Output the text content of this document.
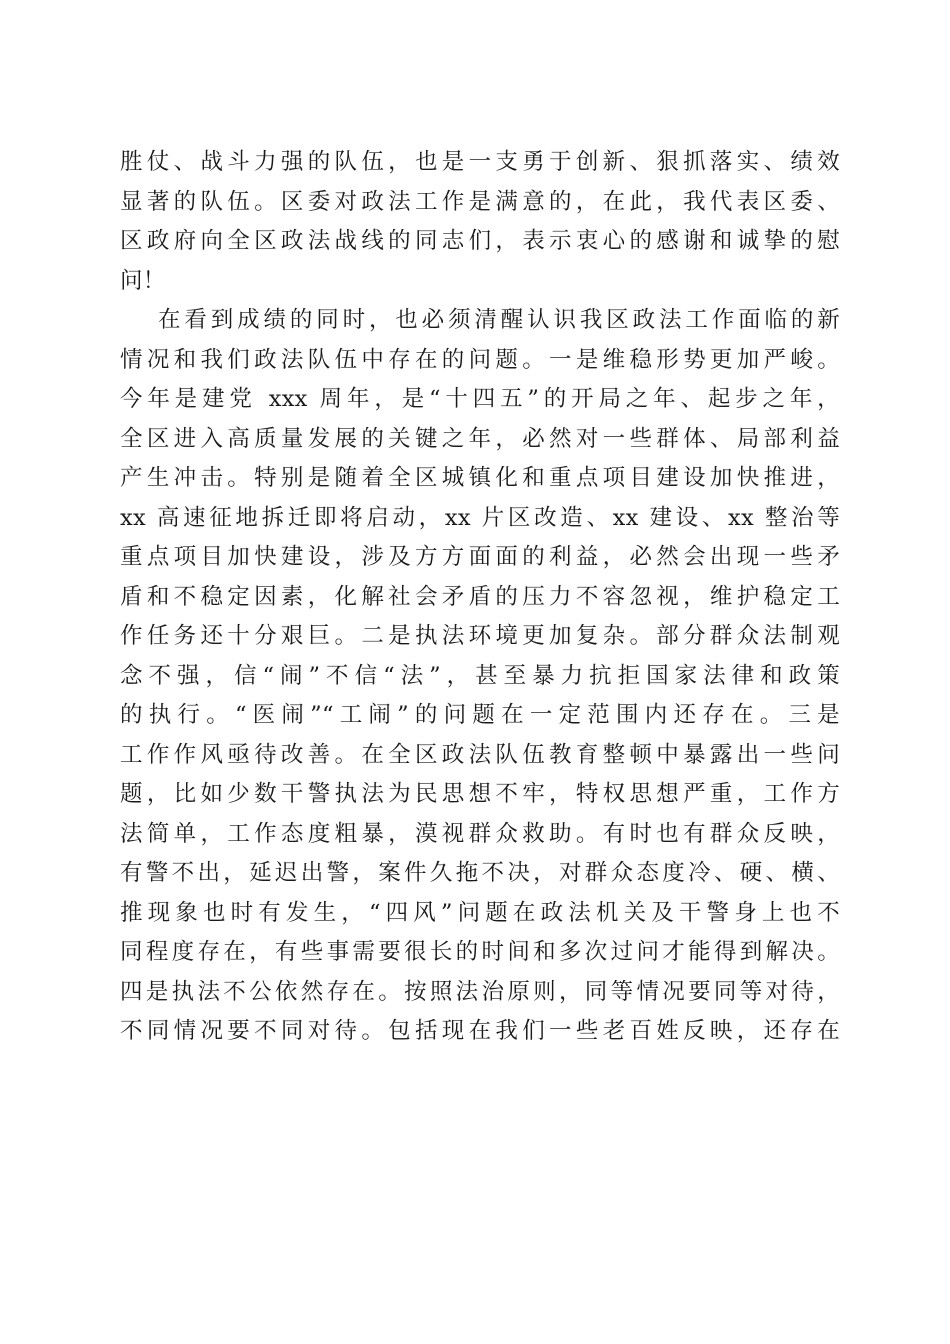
胜仗、战斗力强的队伍，也是一支勇于创新、狠抓落实、绩效
显著的队伍。区委对政法工作是满意的，在此，我代表区委、
区政府向全区政法战线的同志们，表示衷心的感谢和诚挚的慰
问！
在看到成绩的同时，也必须清醒认识我区政法工作面临的新
情况和我们政法队伍中存在的问题。一是维稳形势更加严峻。
今年是建党 xxx 周年，是“十四五”的开局之年、起步之年，
全区进入高质量发展的关键之年，必然对一些群体、局部利益
产生冲击。特别是随着全区城镇化和重点项目建设加快推进，
xx 高速征地拆迁即将启动，xx 片区改造、xx 建设、xx 整治等
重点项目加快建设，涉及方方面面的利益，必然会出现一些矛
盾和不稳定因素，化解社会矛盾的压力不容忽视，维护稳定工
作任务还十分艰巨。二是执法环境更加复杂。部分群众法制观
念不强，信“闹”不信“法”，甚至暴力抗拒国家法律和政策
的执行。“医闹”“工闹”的问题在一定范围内还存在。三是
工作作风亟待改善。在全区政法队伍教育整顿中暴露出一些问
题，比如少数干警执法为民思想不牢，特权思想严重，工作方
法简单，工作态度粗暴，漠视群众救助。有时也有群众反映，
有警不出，延迟出警，案件久拖不决，对群众态度冷、硬、横、
推现象也时有发生，“四风”问题在政法机关及干警身上也不
同程度存在，有些事需要很长的时间和多次过问才能得到解决。
四是执法不公依然存在。按照法治原则，同等情况要同等对待，
不同情况要不同对待。包括现在我们一些老百姓反映，还存在
